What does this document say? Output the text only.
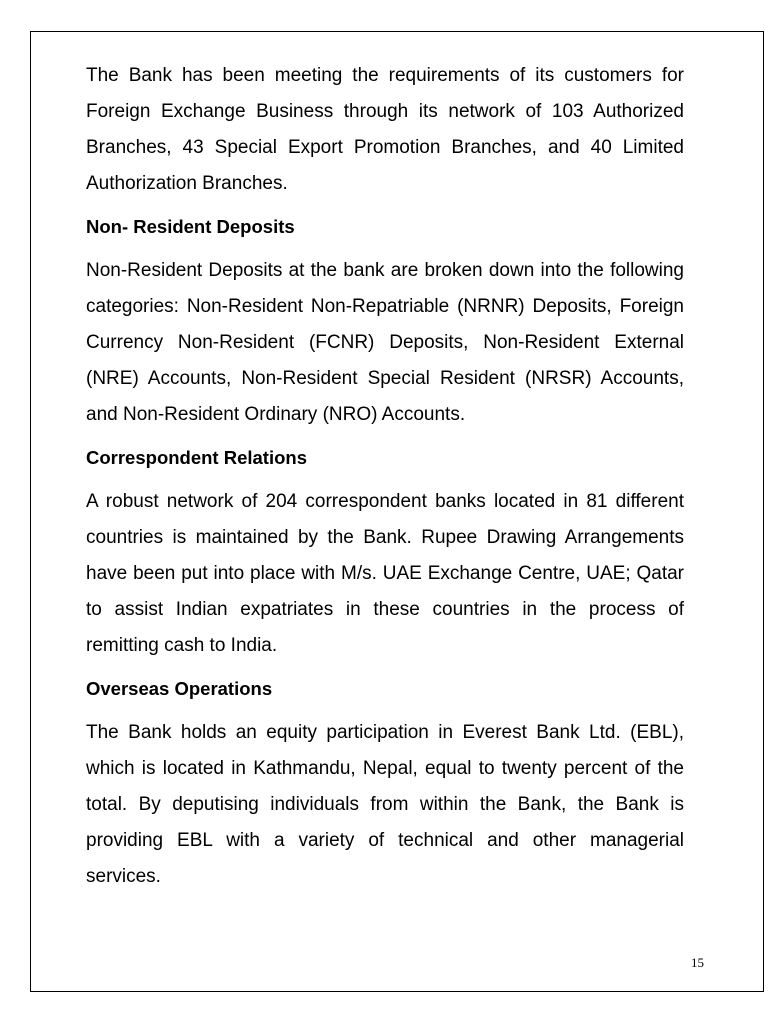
The Bank has been meeting the requirements of its customers for Foreign Exchange Business through its network of 103 Authorized Branches, 43 Special Export Promotion Branches, and 40 Limited Authorization Branches.

Non- Resident Deposits

Non-Resident Deposits at the bank are broken down into the following categories: Non-Resident Non-Repatriable (NRNR) Deposits, Foreign Currency Non-Resident (FCNR) Deposits, Non-Resident External (NRE) Accounts, Non-Resident Special Resident (NRSR) Accounts, and Non-Resident Ordinary (NRO) Accounts.

Correspondent Relations

A robust network of 204 correspondent banks located in 81 different countries is maintained by the Bank. Rupee Drawing Arrangements have been put into place with M/s. UAE Exchange Centre, UAE; Qatar to assist Indian expatriates in these countries in the process of remitting cash to India.

Overseas Operations

The Bank holds an equity participation in Everest Bank Ltd. (EBL), which is located in Kathmandu, Nepal, equal to twenty percent of the total. By deputising individuals from within the Bank, the Bank is providing EBL with a variety of technical and other managerial services.

15
